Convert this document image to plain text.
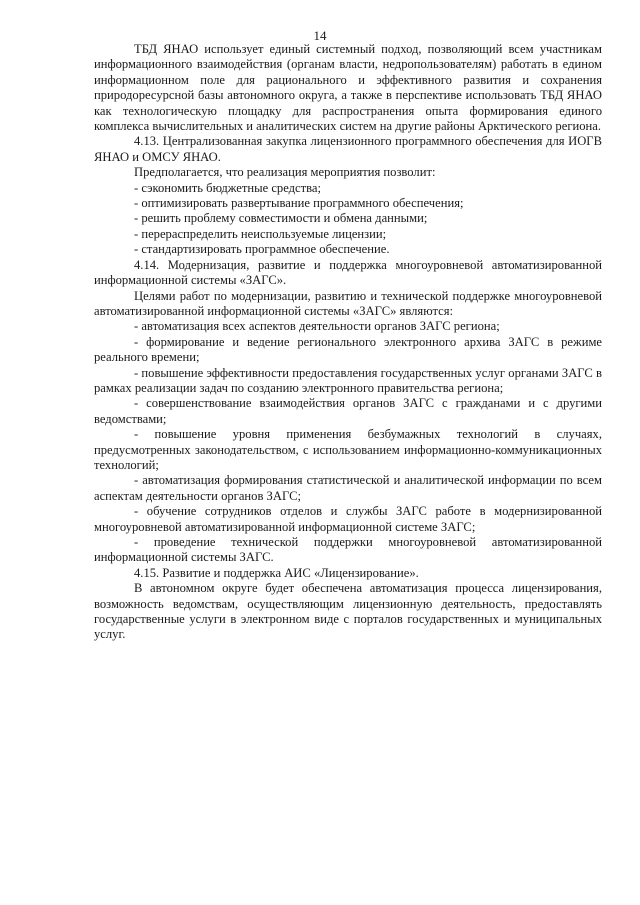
14

ТБД ЯНАО использует единый системный подход, позволяющий всем участникам информационного взаимодействия (органам власти, недропользователям) работать в едином информационном поле для рационального и эффективного развития и сохранения природоресурсной базы автономного округа, а также в перспективе использовать ТБД ЯНАО как технологическую площадку для распространения опыта формирования единого комплекса вычислительных и аналитических систем на другие районы Арктического региона.

4.13. Централизованная закупка лицензионного программного обеспечения для ИОГВ ЯНАО и ОМСУ ЯНАО.

Предполагается, что реализация мероприятия позволит:

- сэкономить бюджетные средства;

- оптимизировать развертывание программного обеспечения;

- решить проблему совместимости и обмена данными;

- перераспределить неиспользуемые лицензии;

- стандартизировать программное обеспечение.

4.14. Модернизация, развитие и поддержка многоуровневой автоматизированной информационной системы «ЗАГС».

Целями работ по модернизации, развитию и технической поддержке многоуровневой автоматизированной информационной системы «ЗАГС» являются:

- автоматизация всех аспектов деятельности органов ЗАГС региона;

- формирование и ведение регионального электронного архива ЗАГС в режиме реального времени;

- повышение эффективности предоставления государственных услуг органами ЗАГС в рамках реализации задач по созданию электронного правительства региона;

- совершенствование взаимодействия органов ЗАГС с гражданами и с другими ведомствами;

- повышение уровня применения безбумажных технологий в случаях, предусмотренных законодательством, с использованием информационно-коммуникационных технологий;

- автоматизация формирования статистической и аналитической информации по всем аспектам деятельности органов ЗАГС;

- обучение сотрудников отделов и службы ЗАГС работе в модернизированной многоуровневой автоматизированной информационной системе ЗАГС;

- проведение технической поддержки многоуровневой автоматизированной информационной системы ЗАГС.

4.15. Развитие и поддержка АИС «Лицензирование».

В автономном округе будет обеспечена автоматизация процесса лицензирования, возможность ведомствам, осуществляющим лицензионную деятельность, предоставлять государственные услуги в электронном виде с порталов государственных и муниципальных услуг.
